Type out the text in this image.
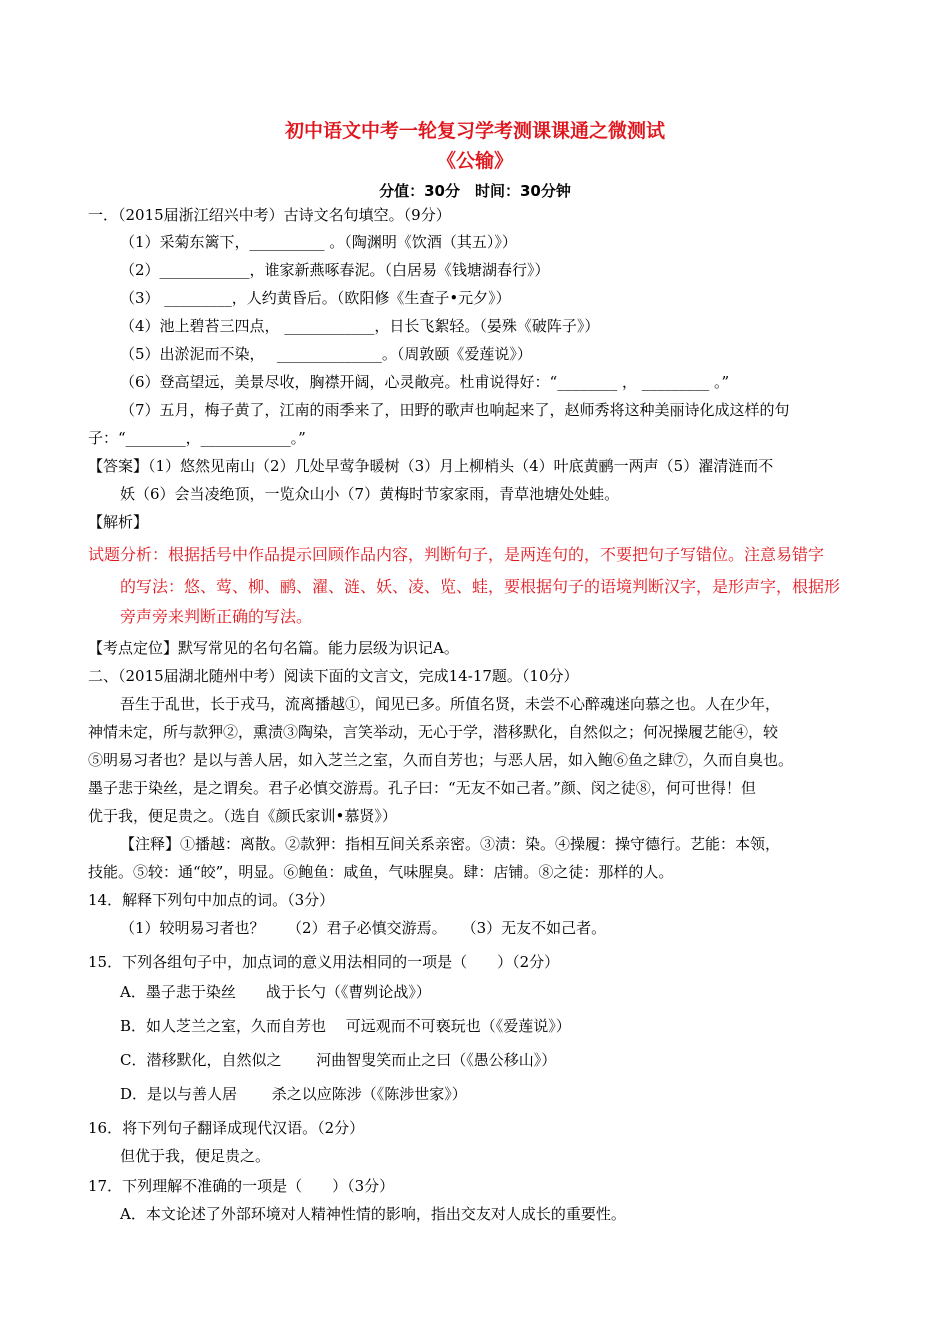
初中语文中考一轮复习学考测课课通之微测试
《公输》
分值：30分　时间：30分钟
一．（2015届浙江绍兴中考）古诗文名句填空。（9分）
（1）采菊东篱下，__________ 。（陶渊明《饮酒（其五）》）
（2）____________，谁家新燕啄春泥。（白居易《钱塘湖春行》）
（3） _________，人约黄昏后。（欧阳修《生查子•元夕》）
（4）池上碧苔三四点， ____________，日长飞絮轻。（晏殊《破阵子》）
（5）出淤泥而不染，　 ______________。（周敦颐《爱莲说》）
（6）登高望远，美景尽收，胸襟开阔，心灵敞亮。杜甫说得好：“________ ， _________ 。”
（7）五月，梅子黄了，江南的雨季来了，田野的歌声也响起来了，赵师秀将这种美丽诗化成这样的句
子：“________，____________。”
【答案】（1）悠然见南山（2）几处早莺争暖树（3）月上柳梢头（4）叶底黄鹂一两声（5）濯清涟而不
妖（6）会当凌绝顶，一览众山小（7）黄梅时节家家雨，青草池塘处处蛙。
【解析】
试题分析：根据括号中作品提示回顾作品内容，判断句子，是两连句的，不要把句子写错位。注意易错字
的写法：悠、莺、柳、鹂、濯、涟、妖、凌、览、蛙，要根据句子的语境判断汉字，是形声字，根据形
旁声旁来判断正确的写法。
【考点定位】默写常见的名句名篇。能力层级为识记A。
二、（2015届湖北随州中考）阅读下面的文言文，完成14-17题。（10分）
吾生于乱世，长于戎马，流离播越①，闻见已多。所值名贤，未尝不心醉魂迷向慕之也。人在少年，
神情未定，所与款狎②，熏渍③陶染，言笑举动，无心于学，潜移默化，自然似之；何况操履艺能④，较
⑤明易习者也？是以与善人居，如入芝兰之室，久而自芳也；与恶人居，如入鲍⑥鱼之肆⑦，久而自臭也。
墨子悲于染丝，是之谓矣。君子必慎交游焉。孔子曰：“无友不如己者。”颜、闵之徒⑧，何可世得！但
优于我，便足贵之。（选自《颜氏家训•慕贤》）
【注释】①播越：离散。②款狎：指相互间关系亲密。③渍：染。④操履：操守德行。艺能：本领，
技能。⑤较：通“皎”，明显。⑥鲍鱼：咸鱼，气味腥臭。肆：店铺。⑧之徒：那样的人。
14．解释下列句中加点的词。（3分）
（1）较明易习者也？　　（2）君子必慎交游焉。　　（3）无友不如己者。
15．下列各组句子中，加点词的意义用法相同的一项是（　　）（2分）
A．墨子悲于染丝　　战于长勺（《曹刿论战》）
B．如人芝兰之室，久而自芳也　 可远观而不可亵玩也（《爱莲说》）
C．潜移默化，自然似之　　 河曲智叟笑而止之曰（《愚公移山》）
D．是以与善人居　　 杀之以应陈涉（《陈涉世家》）
16．将下列句子翻译成现代汉语。（2分）
但优于我，便足贵之。
17．下列理解不准确的一项是（　　）（3分）
A．本文论述了外部环境对人精神性情的影响，指出交友对人成长的重要性。
